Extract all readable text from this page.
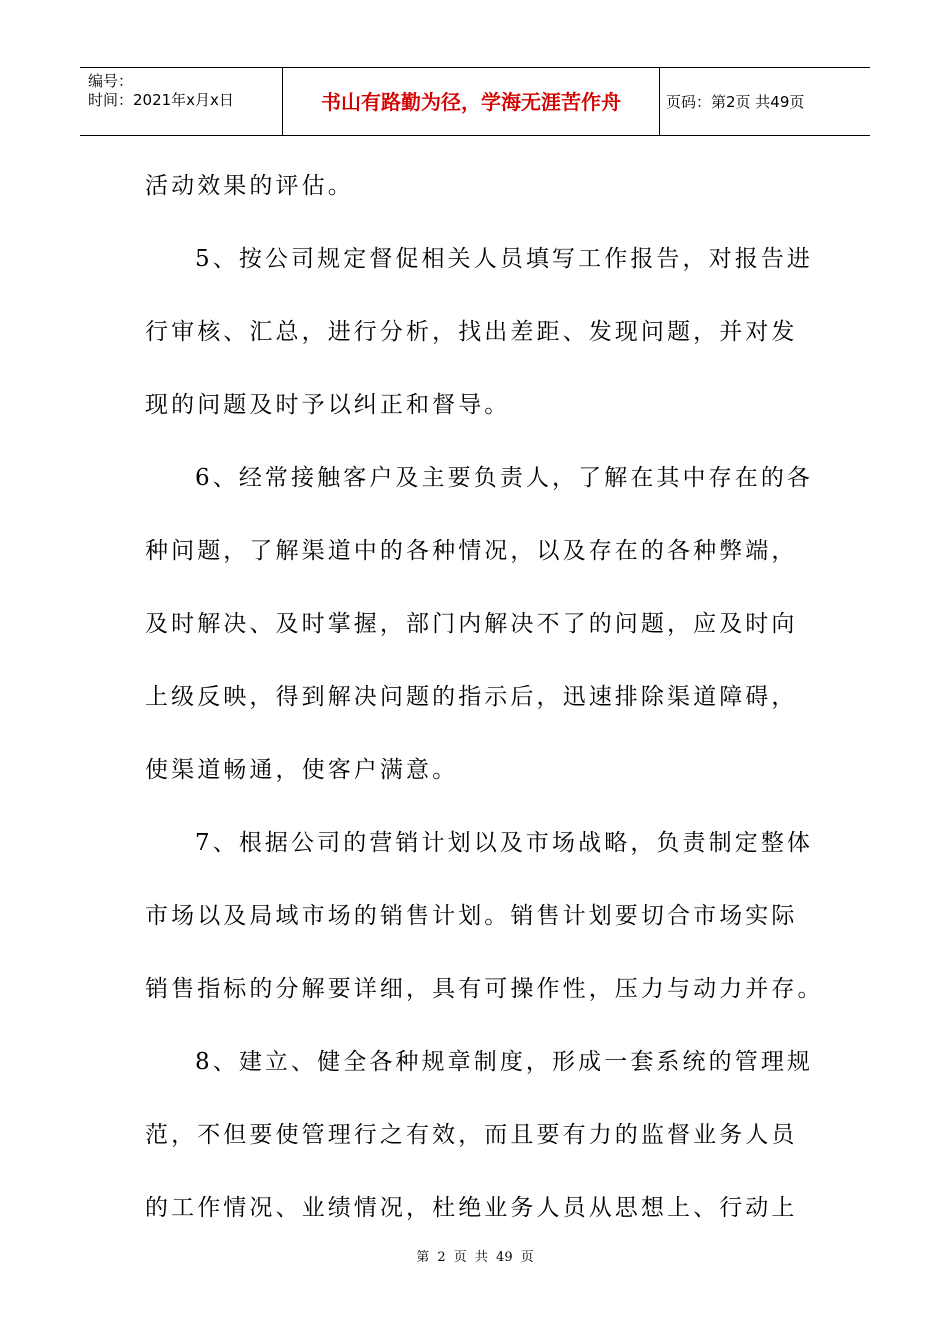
编号：
时间：2021年x月x日	书山有路勤为径，学海无涯苦作舟	页码：第2页 共49页
活动效果的评估。
5、按公司规定督促相关人员填写工作报告，对报告进
行审核、汇总，进行分析，找出差距、发现问题，并对发
现的问题及时予以纠正和督导。
6、经常接触客户及主要负责人，了解在其中存在的各
种问题，了解渠道中的各种情况，以及存在的各种弊端，
及时解决、及时掌握，部门内解决不了的问题，应及时向
上级反映，得到解决问题的指示后，迅速排除渠道障碍，
使渠道畅通，使客户满意。
7、根据公司的营销计划以及市场战略，负责制定整体
市场以及局域市场的销售计划。销售计划要切合市场实际
销售指标的分解要详细，具有可操作性，压力与动力并存。
8、建立、健全各种规章制度，形成一套系统的管理规
范，不但要使管理行之有效，而且要有力的监督业务人员
的工作情况、业绩情况，杜绝业务人员从思想上、行动上
第 2 页 共 49 页
